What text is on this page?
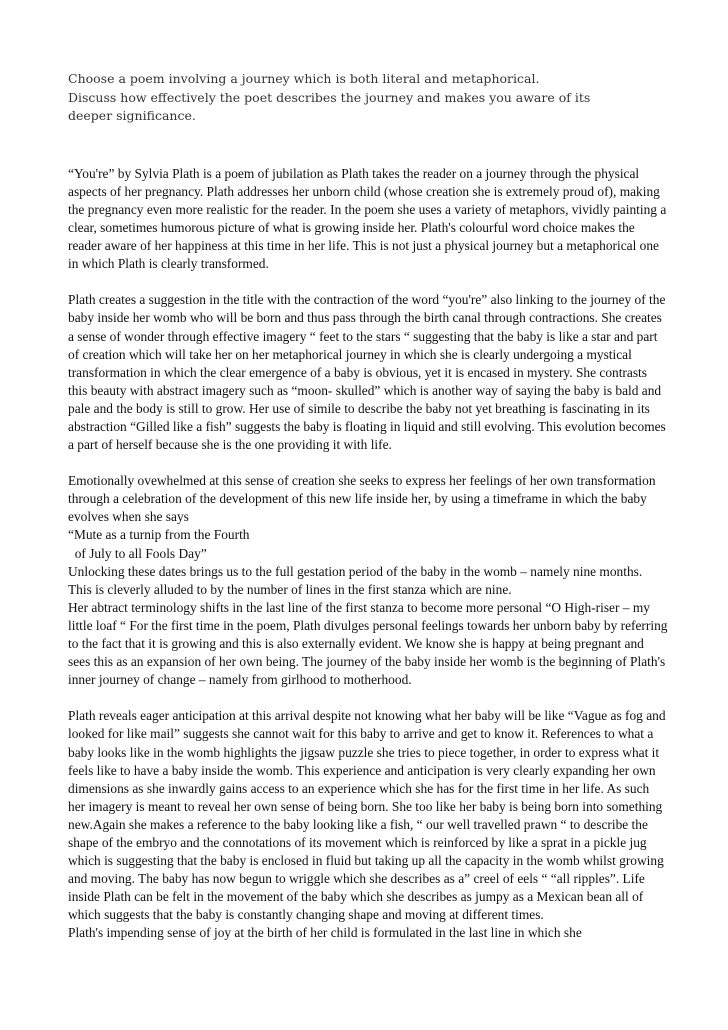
Choose a poem involving a journey which is both literal and metaphorical.

Discuss how effectively the poet describes the journey and makes you aware of its

deeper significance.

“You're” by Sylvia Plath is a poem of jubilation as Plath takes the reader on a journey through the physical aspects of her pregnancy. Plath addresses her unborn child (whose creation she is extremely proud of), making the pregnancy even more realistic for the reader. In the poem she uses a variety of metaphors, vividly painting a clear, sometimes humorous picture of what is growing inside her. Plath's colourful word choice makes the reader aware of her happiness at this time in her life. This is not just a physical journey but a metaphorical one in which Plath is clearly transformed.

Plath creates a suggestion in the title with the contraction of the word “you're” also linking to the journey of the baby inside her womb who will be born and thus pass through the birth canal through contractions. She creates a sense of wonder through effective imagery “ feet to the stars “ suggesting that the baby is like a star and part of creation which will take her on her metaphorical journey in which she is clearly undergoing a mystical transformation in which the clear emergence of a baby is obvious, yet it is encased in mystery. She contrasts this beauty with abstract imagery such as “moon- skulled” which is another way of saying the baby is bald and pale and the body is still to grow. Her use of simile to describe the baby not yet breathing is fascinating in its abstraction “Gilled like a fish” suggests the baby is floating in liquid and still evolving. This evolution becomes a part of herself because she is the one providing it with life.

Emotionally ovewhelmed at this sense of creation she seeks to express her feelings of her own transformation through a celebration of the development of this new life inside her, by using a timeframe in which the baby evolves when she says

“Mute as a turnip from the Fourth

of July to all Fools Day”

Unlocking these dates brings us to the full gestation period of the baby in the womb – namely nine months. This is cleverly alluded to by the number of lines in the first stanza which are nine.

Her abtract terminology shifts in the last line of the first stanza to become more personal “O High-riser – my little loaf “ For the first time in the poem, Plath divulges personal feelings towards her unborn baby by referring to the fact that it is growing and this is also externally evident. We know she is happy at being pregnant and sees this as an expansion of her own being. The journey of the baby inside her womb is the beginning of Plath's inner journey of change – namely from girlhood to motherhood.

Plath reveals eager anticipation at this arrival despite not knowing what her baby will be like “Vague as fog and looked for like mail” suggests she cannot wait for this baby to arrive and get to know it. References to what a baby looks like in the womb highlights the jigsaw puzzle she tries to piece together, in order to express what it feels like to have a baby inside the womb. This experience and anticipation is very clearly expanding her own dimensions as she inwardly gains access to an experience which she has for the first time in her life. As such her imagery is meant to reveal her own sense of being born. She too like her baby is being born into something new.Again she makes a reference to the baby looking like a fish, “ our well travelled prawn “ to describe the shape of the embryo and the connotations of its movement which is reinforced by like a sprat in a pickle jug which is suggesting that the baby is enclosed in fluid but taking up all the capacity in the womb whilst growing and moving. The baby has now begun to wriggle which she describes as a” creel of eels “ “all ripples”. Life inside Plath can be felt in the movement of the baby which she describes as jumpy as a Mexican bean all of which suggests that the baby is constantly changing shape and moving at different times.

Plath's impending sense of joy at the birth of her child is formulated in the last line in which she
